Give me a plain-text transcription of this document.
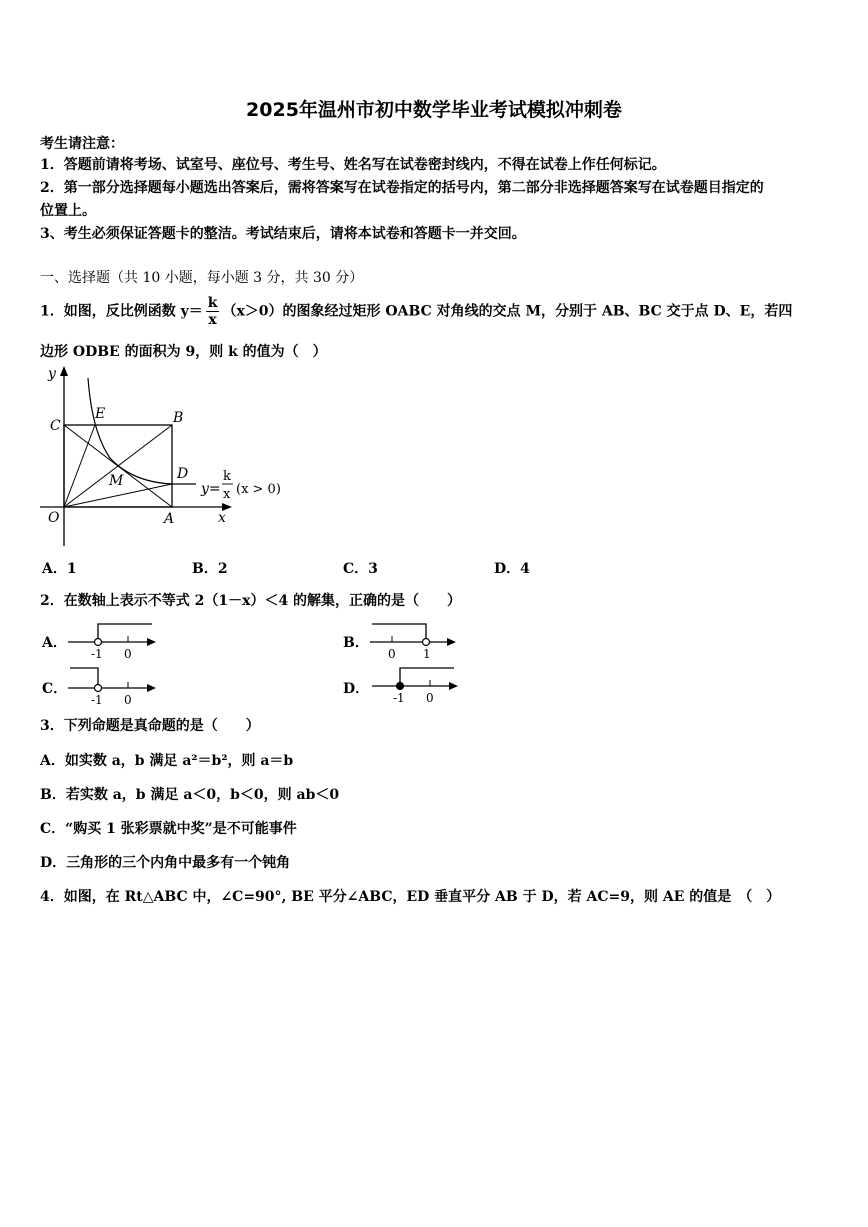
2025年温州市初中数学毕业考试模拟冲刺卷
考生请注意：
1．答题前请将考场、试室号、座位号、考生号、姓名写在试卷密封线内，不得在试卷上作任何标记。
2．第一部分选择题每小题选出答案后，需将答案写在试卷指定的括号内，第二部分非选择题答案写在试卷题目指定的
位置上。
3、考生必须保证答题卡的整洁。考试结束后，请将本试卷和答题卡一并交回。
一、选择题（共 10 小题，每小题 3 分，共 30 分）
1．如图，反比例函数 $y= \frac{k}{x} (x>0)$的图象经过矩形 OABC 对角线的交点 M，分别于 AB、BC 交于点 D、E，若四
边形 ODBE 的面积为 9，则 k 的值为（　）
y
x
O	A
B
C
D
E
M	y=
k
x (x > 0)
A．1	B．2	C．3	D．4
2．在数轴上表示不等式 2（1－x）＜4 的解集，正确的是（　　）
A．
-1 0
B．
0 1
C．
-1 0
D．
-1 0
3．下列命题是真命题的是（　　）
A．如实数 a，b 满足 a²＝b²，则 a＝b
B．若实数 a，b 满足 a＜0，b＜0，则 ab＜0
C．“购买 1 张彩票就中奖”是不可能事件
D．三角形的三个内角中最多有一个钝角
4．如图，在 Rt△ABC 中，∠C=90°, BE 平分∠ABC，ED 垂直平分 AB 于 D，若 AC=9，则 AE 的值是　（　）
